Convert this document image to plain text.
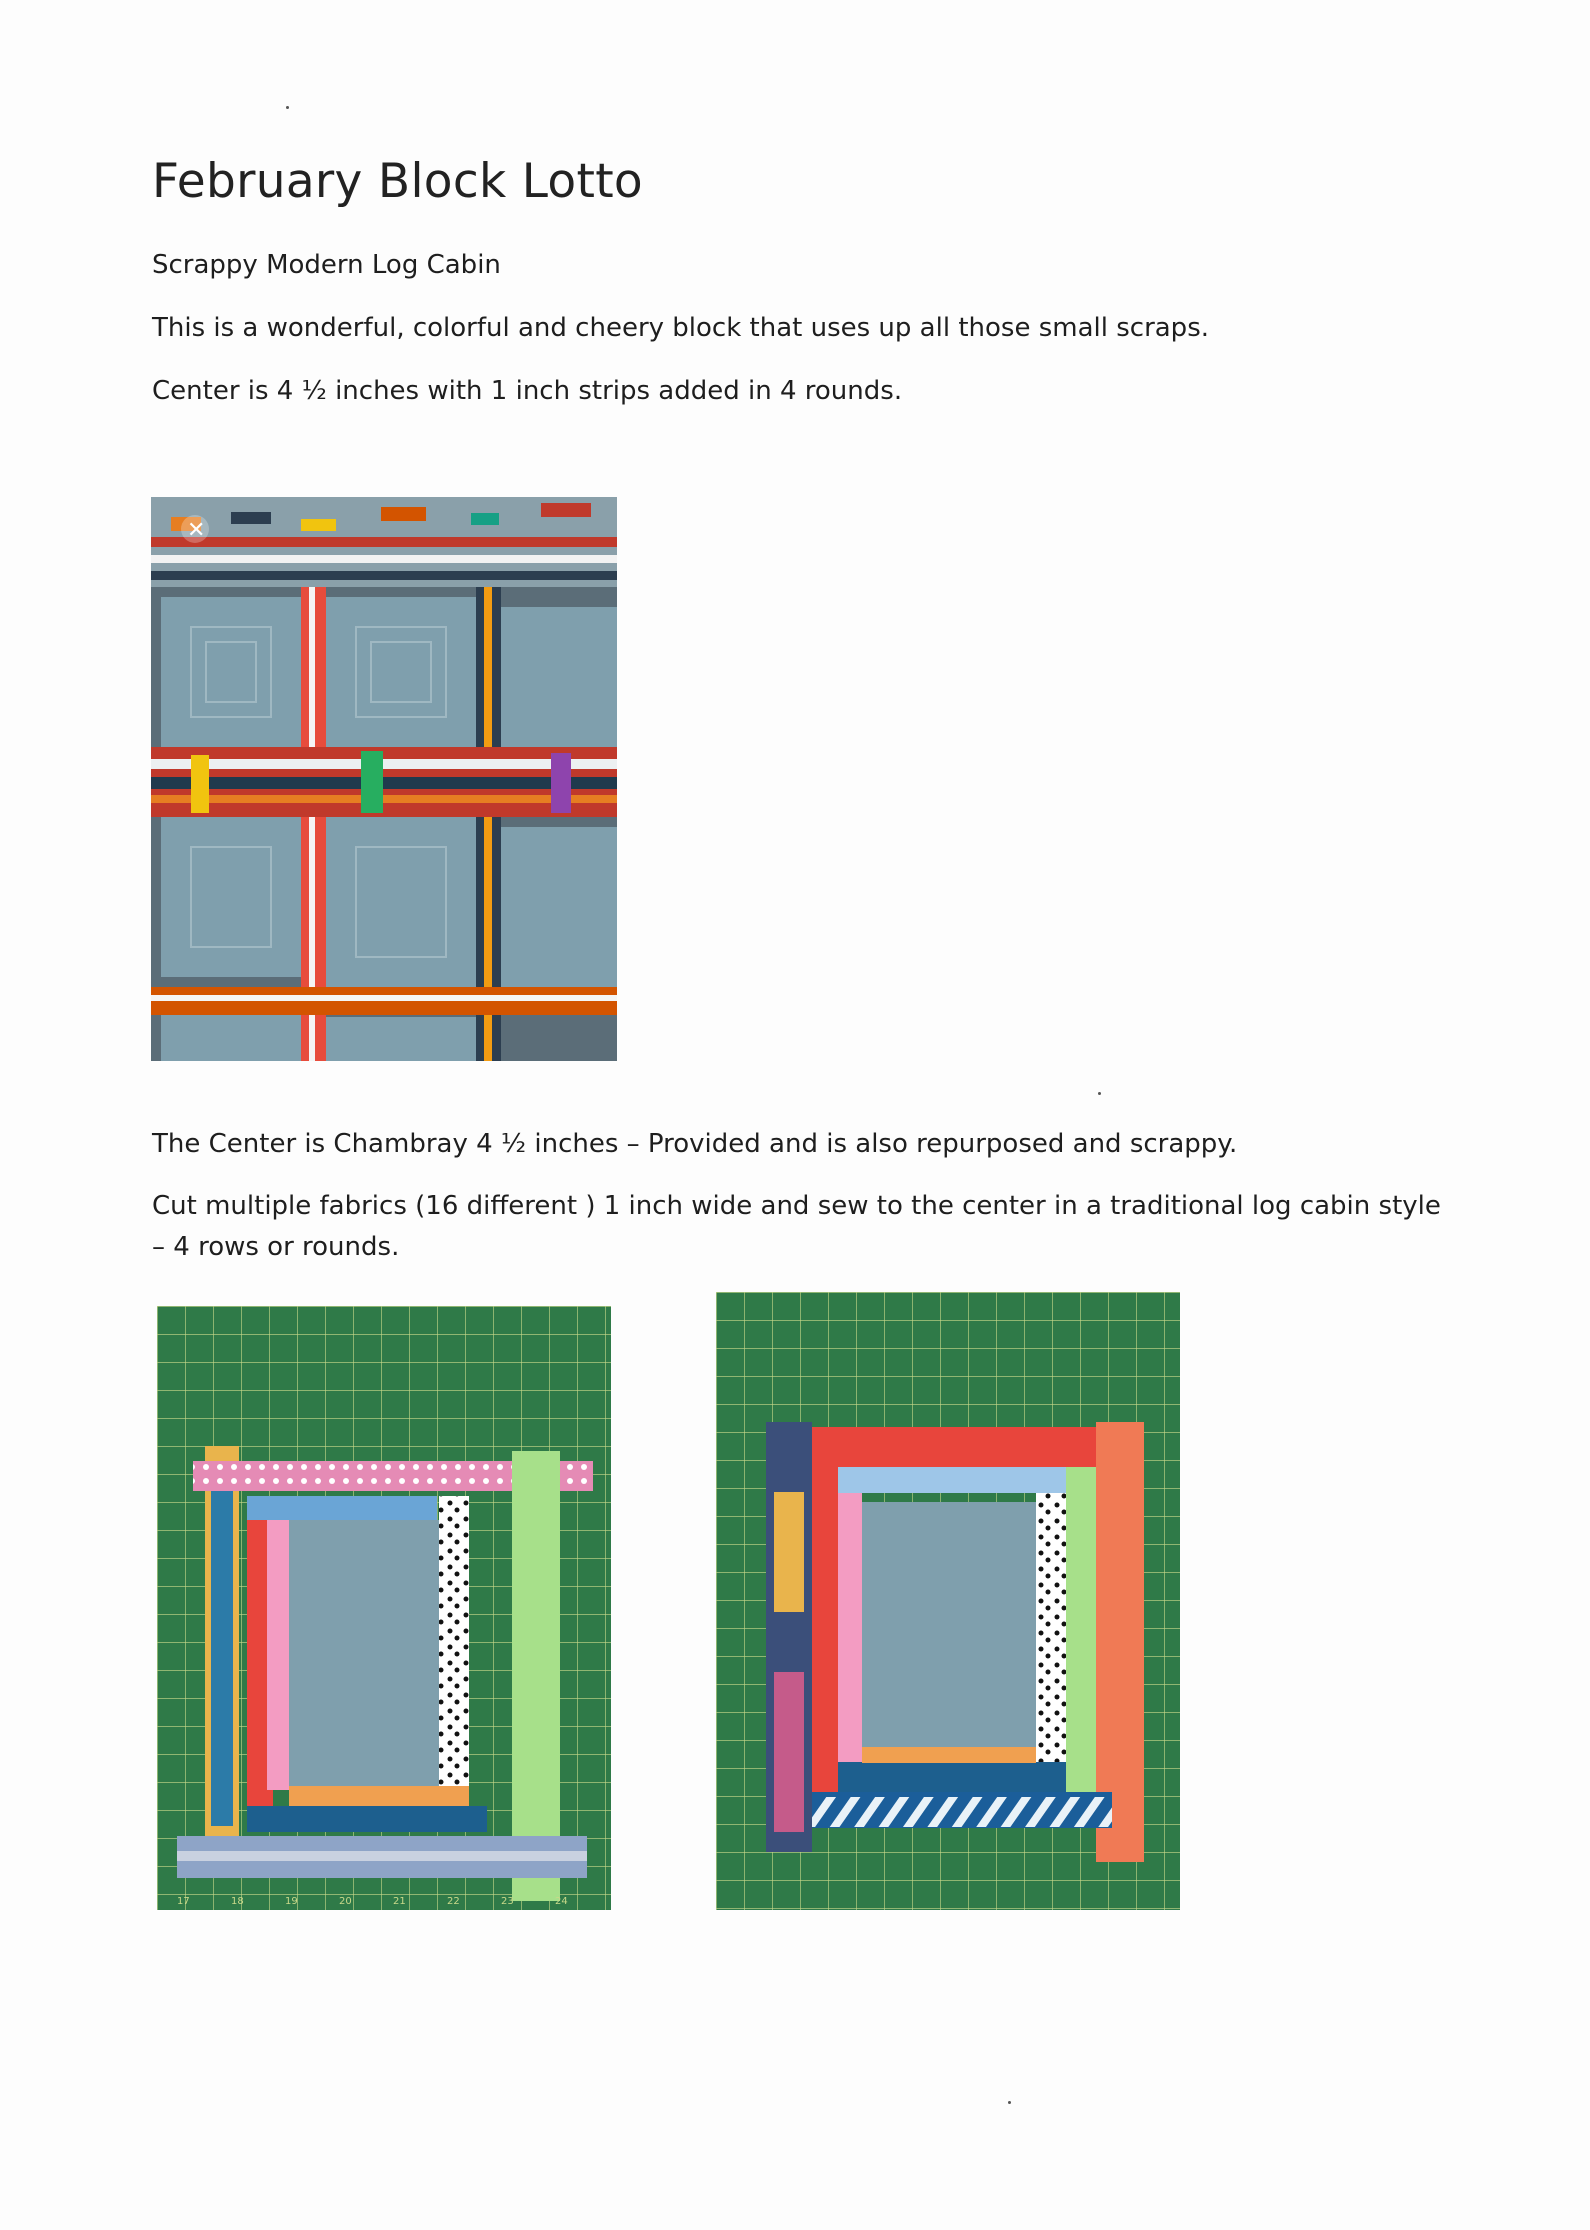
February Block Lotto

Scrappy Modern Log Cabin

This is a wonderful, colorful and cheery block that uses up all those small scraps.

Center is 4 ½ inches with 1 inch strips added in 4 rounds.

✕

The Center is Chambray 4 ½ inches – Provided and is also repurposed and scrappy.

Cut multiple fabrics (16 different ) 1 inch wide and sew to the center in a traditional log cabin style – 4 rows or rounds.

17	18	19	20	21	22	23	24
